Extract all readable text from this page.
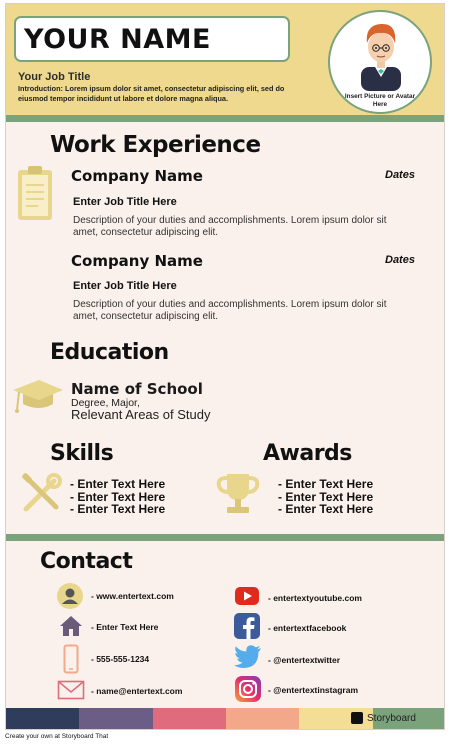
YOUR NAME
Your Job Title
Introduction: Lorem ipsum dolor sit amet, consectetur adipiscing elit, sed do eiusmod tempor incididunt ut labore et dolore magna aliqua.	Insert Picture or Avatar Here
Work Experience
Company Name	Dates
Enter Job Title Here
Description of your duties and accomplishments. Lorem ipsum dolor sit amet, consectetur adipiscing elit.
Company Name	Dates
Enter Job Title Here
Description of your duties and accomplishments. Lorem ipsum dolor sit amet, consectetur adipiscing elit.
Education
Name of School
Degree, Major,
Relevant Areas of Study
Skills
- Enter Text Here
- Enter Text Here
- Enter Text Here
Awards
- Enter Text Here
- Enter Text Here
- Enter Text Here
Contact
- www.entertext.com
- Enter Text Here
- 555-555-1234
- name@entertext.com
- entertextyoutube.com
- entertextfacebook
- @entertextwitter
- @entertextinstagram
Storyboard
Create your own at Storyboard That
